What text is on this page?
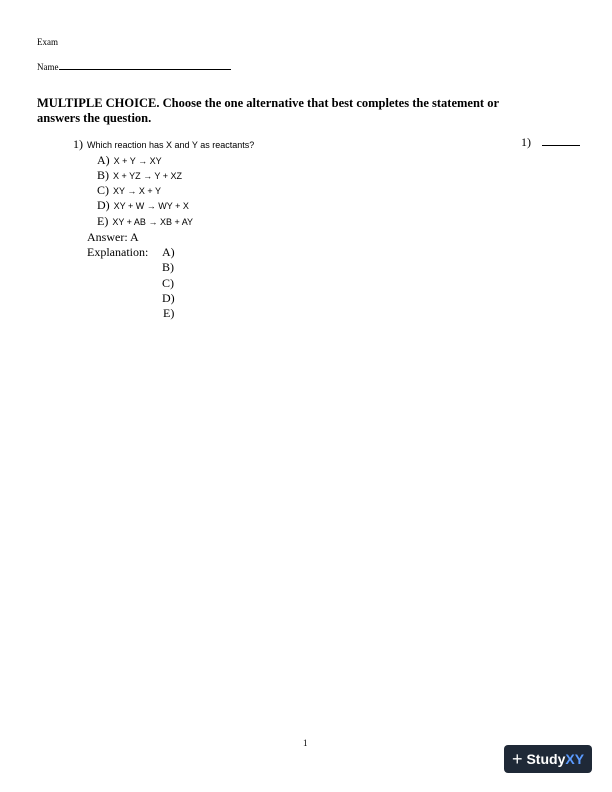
Exam
Name
MULTIPLE CHOICE. Choose the one alternative that best completes the statement or answers the question.
1) Which reaction has X and Y as reactants?
A) X + Y → XY
B) X + YZ → Y + XZ
C) XY → X + Y
D) XY + W → WY + X
E) XY + AB → XB + AY
Answer: A
Explanation: A)
B)
C)
D)
E)
1)
1
+ StudyXY
